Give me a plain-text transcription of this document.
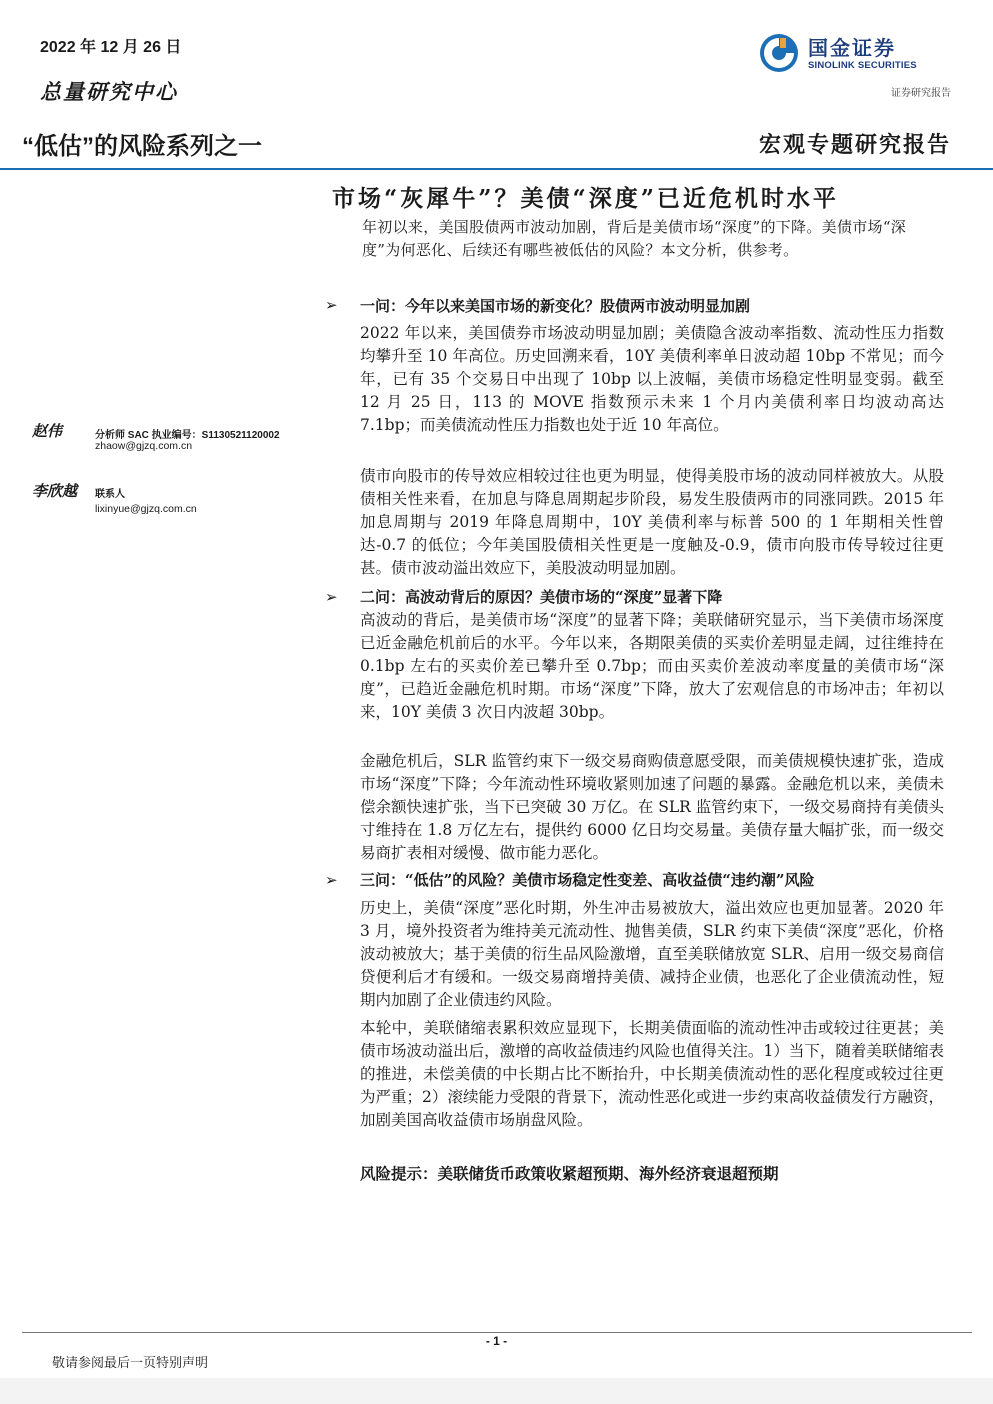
2022 年 12 月 26 日
总量研究中心
“低估”的风险系列之一
国金证券
SINOLINK SECURITIES
证券研究报告
宏观专题研究报告
市场“灰犀牛”？美债“深度”已近危机时水平
年初以来，美国股债两市波动加剧，背后是美债市场“深度”的下降。美债市场“深度”为何恶化、后续还有哪些被低估的风险？本文分析，供参考。
赵伟	分析师 SAC 执业编号：S1130521120002
zhaow@gjzq.com.cn
李欣越 联系人
lixinyue@gjzq.com.cn
➢ 一问：今年以来美国市场的新变化？股债两市波动明显加剧
2022 年以来，美国债券市场波动明显加剧；美债隐含波动率指数、流动性压力指数均攀升至 10 年高位。历史回溯来看，10Y 美债利率单日波动超 10bp 不常见；而今年，已有 35 个交易日中出现了 10bp 以上波幅，美债市场稳定性明显变弱。截至 12 月 25 日，113 的 MOVE 指数预示未来 1 个月内美债利率日均波动高达 7.1bp；而美债流动性压力指数也处于近 10 年高位。
债市向股市的传导效应相较过往也更为明显，使得美股市场的波动同样被放大。从股债相关性来看，在加息与降息周期起步阶段，易发生股债两市的同涨同跌。2015 年加息周期与 2019 年降息周期中，10Y 美债利率与标普 500 的 1 年期相关性曾达-0.7 的低位；今年美国股债相关性更是一度触及-0.9，债市向股市传导较过往更甚。债市波动溢出效应下，美股波动明显加剧。
➢ 二问：高波动背后的原因？美债市场的“深度”显著下降
高波动的背后，是美债市场“深度”的显著下降；美联储研究显示，当下美债市场深度已近金融危机前后的水平。今年以来，各期限美债的买卖价差明显走阔，过往维持在 0.1bp 左右的买卖价差已攀升至 0.7bp；而由买卖价差波动率度量的美债市场“深度”，已趋近金融危机时期。市场“深度”下降，放大了宏观信息的市场冲击；年初以来，10Y 美债 3 次日内波超 30bp。
金融危机后，SLR 监管约束下一级交易商购债意愿受限，而美债规模快速扩张，造成市场“深度”下降；今年流动性环境收紧则加速了问题的暴露。金融危机以来，美债未偿余额快速扩张，当下已突破 30 万亿。在 SLR 监管约束下，一级交易商持有美债头寸维持在 1.8 万亿左右，提供约 6000 亿日均交易量。美债存量大幅扩张，而一级交易商扩表相对缓慢、做市能力恶化。
➢ 三问：“低估”的风险？美债市场稳定性变差、高收益债“违约潮”风险
历史上，美债“深度”恶化时期，外生冲击易被放大，溢出效应也更加显著。2020 年 3 月，境外投资者为维持美元流动性、抛售美债，SLR 约束下美债“深度”恶化，价格波动被放大；基于美债的衍生品风险激增，直至美联储放宽 SLR、启用一级交易商信贷便利后才有缓和。一级交易商增持美债、减持企业债，也恶化了企业债流动性，短期内加剧了企业债违约风险。
本轮中，美联储缩表累积效应显现下，长期美债面临的流动性冲击或较过往更甚；美债市场波动溢出后，激增的高收益债违约风险也值得关注。1）当下，随着美联储缩表的推进，未偿美债的中长期占比不断抬升，中长期美债流动性的恶化程度或较过往更为严重；2）滚续能力受限的背景下，流动性恶化或进一步约束高收益债发行方融资，加剧美国高收益债市场崩盘风险。
风险提示：美联储货币政策收紧超预期、海外经济衰退超预期
- 1 -
敬请参阅最后一页特别声明
